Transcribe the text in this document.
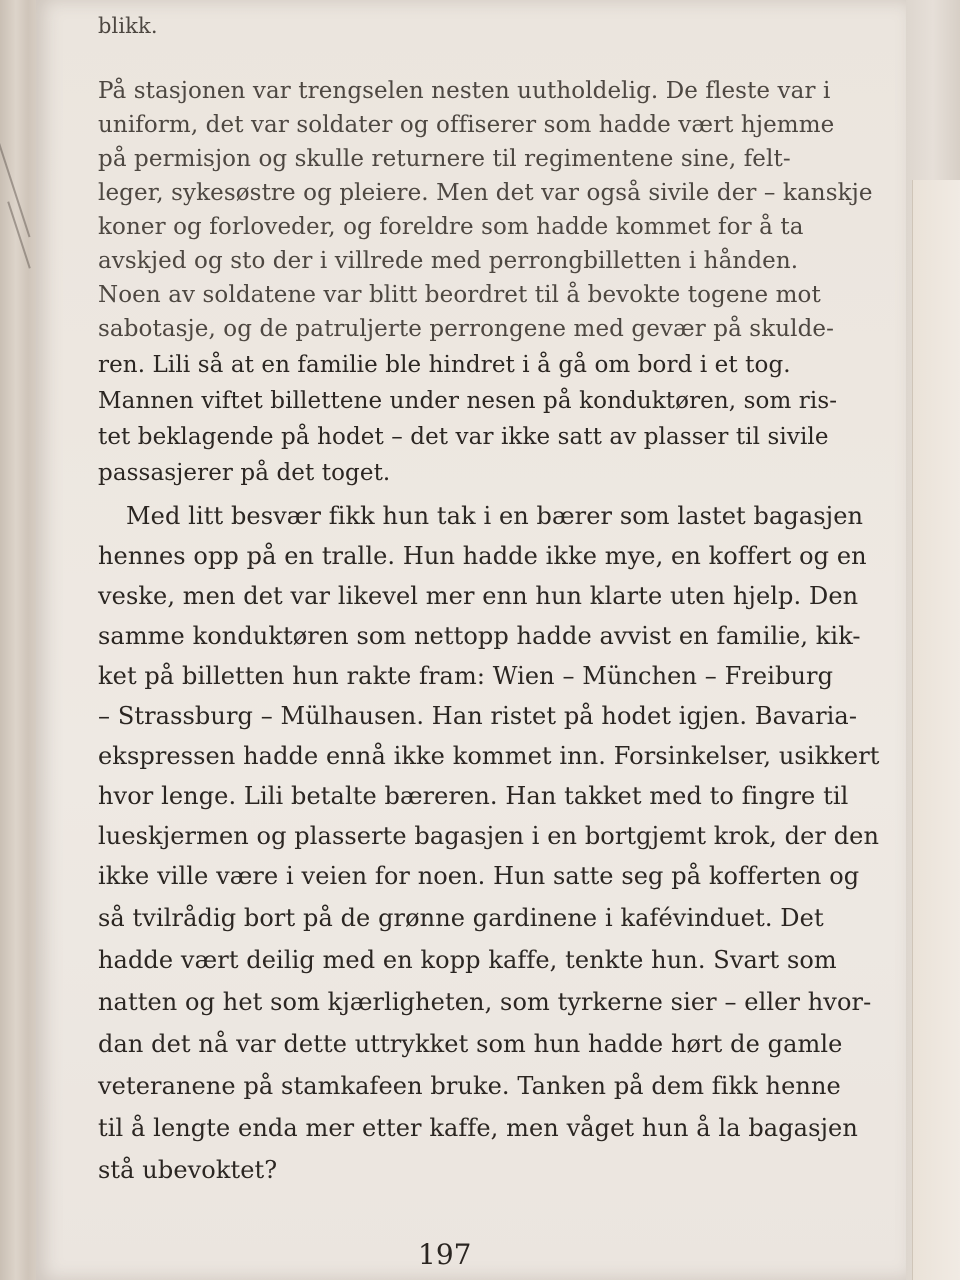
blikk.
På stasjonen var trengselen nesten uutholdelig. De fleste var i
uniform, det var soldater og offiserer som hadde vært hjemme
på permisjon og skulle returnere til regimentene sine, felt-
leger, sykesøstre og pleiere. Men det var også sivile der – kanskje
koner og forloveder, og foreldre som hadde kommet for å ta
avskjed og sto der i villrede med perrongbilletten i hånden.
Noen av soldatene var blitt beordret til å bevokte togene mot
sabotasje, og de patruljerte perrongene med gevær på skulde-
ren. Lili så at en familie ble hindret i å gå om bord i et tog.
Mannen viftet billettene under nesen på konduktøren, som ris-
tet beklagende på hodet – det var ikke satt av plasser til sivile
passasjerer på det toget.
Med litt besvær fikk hun tak i en bærer som lastet bagasjen
hennes opp på en tralle. Hun hadde ikke mye, en koffert og en
veske, men det var likevel mer enn hun klarte uten hjelp. Den
samme konduktøren som nettopp hadde avvist en familie, kik-
ket på billetten hun rakte fram: Wien – München – Freiburg
– Strassburg – Mülhausen. Han ristet på hodet igjen. Bavaria-
ekspressen hadde ennå ikke kommet inn. Forsinkelser, usikkert
hvor lenge. Lili betalte bæreren. Han takket med to fingre til
lueskjermen og plasserte bagasjen i en bortgjemt krok, der den
ikke ville være i veien for noen. Hun satte seg på kofferten og
så tvilrådig bort på de grønne gardinene i kafévinduet. Det
hadde vært deilig med en kopp kaffe, tenkte hun. Svart som
natten og het som kjærligheten, som tyrkerne sier – eller hvor-
dan det nå var dette uttrykket som hun hadde hørt de gamle
veteranene på stamkafeen bruke. Tanken på dem fikk henne
til å lengte enda mer etter kaffe, men våget hun å la bagasjen
stå ubevoktet?
197
